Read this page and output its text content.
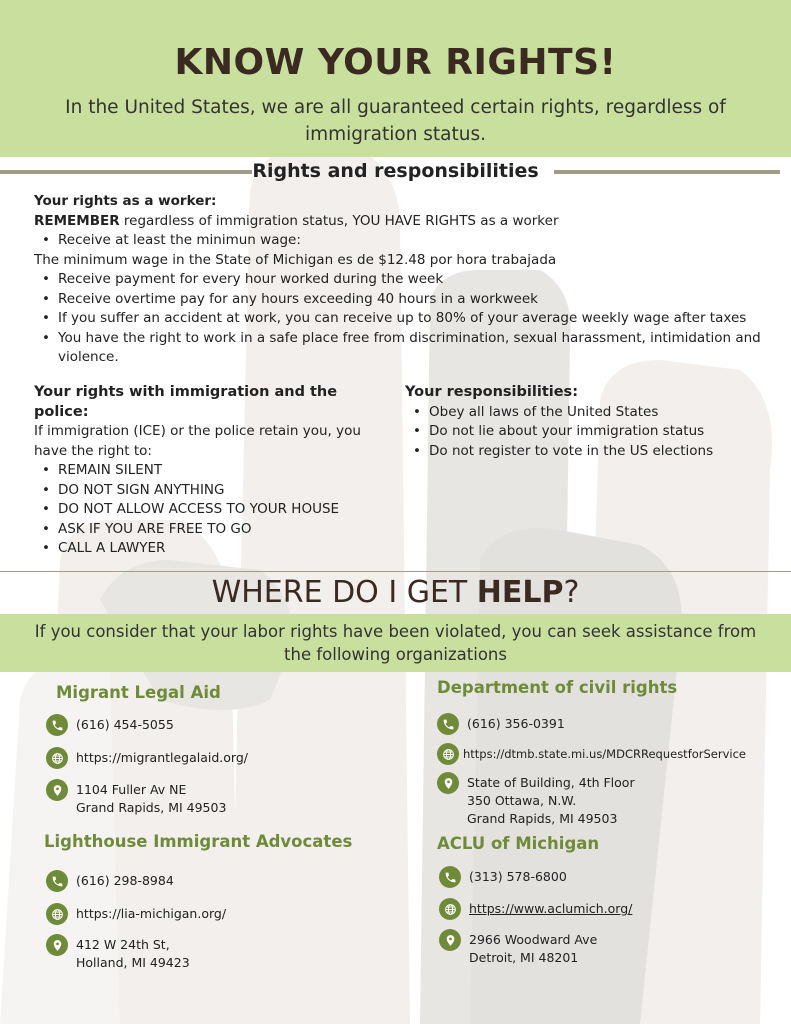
KNOW YOUR RIGHTS!
In the United States, we are all guaranteed certain rights, regardless of immigration status.
Rights and responsibilities
Your rights as a worker:
REMEMBER regardless of immigration status, YOU HAVE RIGHTS as a worker
• Receive at least the minimun wage:
The minimum wage in the State of Michigan es de $12.48 por hora trabajada
• Receive payment for every hour worked during the week
• Receive overtime pay for any hours exceeding 40 hours in a workweek
• If you suffer an accident at work, you can receive up to 80% of your average weekly wage after taxes
• You have the right to work in a safe place free from discrimination, sexual harassment, intimidation and violence.
Your rights with immigration and the police:
If immigration (ICE) or the police retain you, you have the right to:
• REMAIN SILENT
• DO NOT SIGN ANYTHING
• DO NOT ALLOW ACCESS TO YOUR HOUSE
• ASK IF YOU ARE FREE TO GO
• CALL A LAWYER
Your responsibilities:
• Obey all laws of the United States
• Do not lie about your immigration status
• Do not register to vote in the US elections
WHERE DO I GET HELP?
If you consider that your labor rights have been violated, you can seek assistance from the following organizations
Migrant Legal Aid
(616) 454-5055
https://migrantlegalaid.org/
1104 Fuller Av NE
Grand Rapids, MI 49503
Department of civil rights
(616) 356-0391
https://dtmb.state.mi.us/MDCRRequestforService
State of Building, 4th Floor
350 Ottawa, N.W.
Grand Rapids, MI 49503
Lighthouse Immigrant Advocates
(616) 298-8984
https://lia-michigan.org/
412 W 24th St,
Holland, MI 49423
ACLU of Michigan
(313) 578-6800
https://www.aclumich.org/
2966 Woodward Ave
Detroit, MI 48201
